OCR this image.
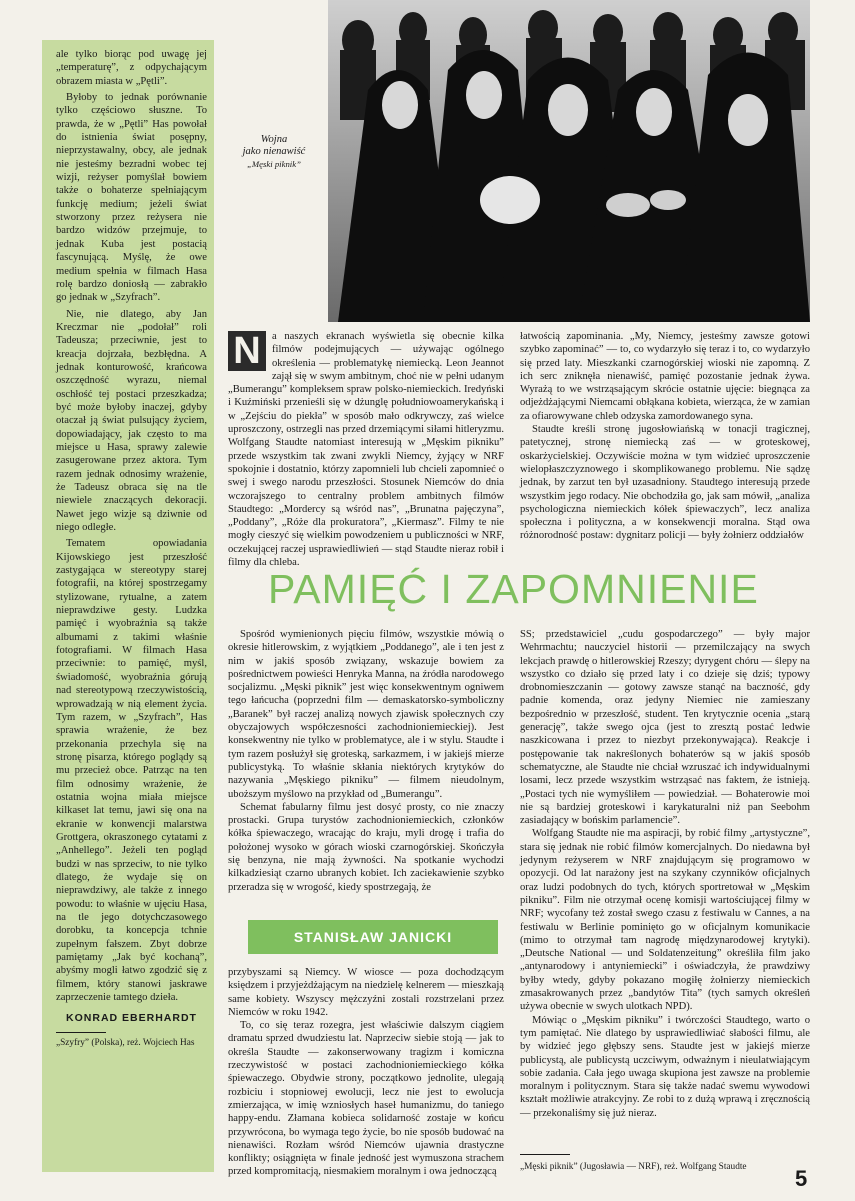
ale tylko biorąc pod uwagę jej „temperaturę”, z odpychającym obrazem miasta w „Pętli”.

Byłoby to jednak porównanie tylko częściowo słuszne. To prawda, że w „Pętli” Has powołał do istnienia świat posępny, nieprzystawalny, obcy, ale jednak nie jesteśmy bezradni wobec tej wizji, reżyser pomyślał bowiem także o bohaterze spełniającym funkcję medium; jeżeli świat stworzony przez reżysera nie bardzo widzów przejmuje, to jednak Kuba jest postacią fascynującą. Myślę, że owe medium spełnia w filmach Hasa rolę bardzo doniosłą — zabrakło go jednak w „Szyfrach”.

Nie, nie dlatego, aby Jan Kreczmar nie „podołał” roli Tadeusza; przeciwnie, jest to kreacja dojrzała, bezbłędna. A jednak konturowość, krańcowa oszczędność wyrazu, niemal oschłość tej postaci przeszkadza; być może byłoby inaczej, gdyby otaczał ją świat pulsujący życiem, dopowiadający, jak często to ma miejsce u Hasa, sprawy zalewie zasugerowane przez aktora. Tym razem jednak odnosimy wrażenie, że Tadeusz obraca się na tle niewiele znaczących dekoracji. Nawet jego wizje są dziwnie od niego odległe.

Tematem opowiadania Kijowskiego jest przeszłość zastygająca w stereotypy starej fotografii, na której spostrzegamy stylizowane, rytualne, a zatem nieprawdziwe gesty. Ludzka pamięć i wyobraźnia są także albumami z takimi właśnie fotografiami. W filmach Hasa przeciwnie: to pamięć, myśl, świadomość, wyobraźnia górują nad stereotypową rzeczywistością, wprowadzają w nią element życia. Tym razem, w „Szyfrach”, Has sprawia wrażenie, że bez przekonania przechyla się na stronę pisarza, którego poglądy są mu przecież obce. Patrząc na ten film odnosimy wrażenie, że ostatnia wojna miała miejsce kilkaset lat temu, jawi się ona na ekranie w konwencji malarstwa Grottgera, okraszonego cytatami z „Anhellego”. Jeżeli ten pogląd budzi w nas sprzeciw, to nie tylko dlatego, że wydaje się on nieprawdziwy, ale także z innego powodu: to właśnie w ujęciu Hasa, na tle jego dotychczasowego dorobku, ta koncepcja tchnie zupełnym fałszem. Zbyt dobrze pamiętamy „Jak być kochaną”, abyśmy mogli łatwo zgodzić się z filmem, który stanowi jaskrawe zaprzeczenie tamtego dzieła.

KONRAD EBERHARDT
„Szyfry” (Polska), reż. Wojciech Has
Wojna
jako nienawiść
„Męski piknik”
N	a naszych ekranach wyświetla się obecnie kilka filmów podejmujących — używając ogólnego określenia — problematykę niemiecką. Leon Jeannot zajął się w swym ambitnym, choć nie w pełni udanym „Bumerangu” kompleksem spraw polsko-niemieckich. Iredyński i Kuźmiński przenieśli się w dżunglę południowoamerykańską i w „Zejściu do piekła” w sposób mało odkrywczy, zaś wielce uproszczony, ostrzegli nas przed drzemiącymi siłami hitleryzmu. Wolfgang Staudte natomiast interesują w „Męskim pikniku” przede wszystkim tak zwani zwykli Niemcy, żyjący w NRF spokojnie i dostatnio, którzy zapomnieli lub chcieli zapomnieć o swej i swego narodu przeszłości. Stosunek Niemców do dnia wczorajszego to centralny problem ambitnych filmów Staudtego: „Mordercy są wśród nas”, „Brunatna pajęczyna”, „Poddany”, „Róże dla prokuratora”, „Kiermasz”. Filmy te nie mogły cieszyć się wielkim powodzeniem u publiczności w NRF, oczekującej raczej usprawiedliwień — stąd Staudte nieraz robił i filmy dla chleba.

łatwością zapominania. „My, Niemcy, jesteśmy zawsze gotowi szybko zapominać” — to, co wydarzyło się teraz i to, co wydarzyło się przed laty. Mieszkanki czarnogórskiej wioski nie zapomną. Z ich serc zniknęła nienawiść, pamięć pozostanie jednak żywa. Wyrażą to we wstrząsającym skrócie ostatnie ujęcie: biegnąca za odjeżdżającymi Niemcami obłąkana kobieta, wierząca, że w zamian za ofiarowywane chleb odzyska zamordowanego syna.

Staudte kreśli stronę jugosłowiańską w tonacji tragicznej, patetycznej, stronę niemiecką zaś — w groteskowej, oskarżycielskiej. Oczywiście można w tym widzieć uproszczenie wielopłaszczyznowego i skomplikowanego problemu. Nie sądzę jednak, by zarzut ten był uzasadniony. Staudtego interesują przede wszystkim jego rodacy. Nie obchodziła go, jak sam mówił, „analiza psychologiczna niemieckich kółek śpiewaczych”, lecz analiza społeczna i polityczna, a w konsekwencji moralna. Stąd owa różnorodność postaw: dygnitarz policji — były żołnierz oddziałów

PAMIĘĆ I ZAPOMNIENIE

Spośród wymienionych pięciu filmów, wszystkie mówią o okresie hitlerowskim, z wyjątkiem „Poddanego”, ale i ten jest z nim w jakiś sposób związany, wskazuje bowiem za pośrednictwem powieści Henryka Manna, na źródła narodowego socjalizmu. „Męski piknik” jest więc konsekwentnym ogniwem tego łańcucha (poprzedni film — demaskatorsko-symboliczny „Baranek” był raczej analizą nowych zjawisk społecznych czy obyczajowych współczesności zachodnioniemieckiej). Jest konsekwentny nie tylko w problematyce, ale i w stylu. Staudte i tym razem posłużył się groteską, sarkazmem, i w jakiejś mierze publicystyką. To właśnie skłania niektórych krytyków do nazywania „Męskiego pikniku” — filmem nieudolnym, uboższym myślowo na przykład od „Bumerangu”.

Schemat fabularny filmu jest dosyć prosty, co nie znaczy prostacki. Grupa turystów zachodnioniemieckich, członków kółka śpiewaczego, wracając do kraju, myli drogę i trafia do położonej wysoko w górach wioski czarnogórskiej. Skończyła się benzyna, nie mają żywności. Na spotkanie wychodzi kilkadziesiąt czarno ubranych kobiet. Ich zaciekawienie szybko przeradza się w wrogość, kiedy spostrzegają, że

STANISŁAW JANICKI

przybyszami są Niemcy. W wiosce — poza dochodzącym księdzem i przyjeżdżającym na niedzielę kelnerem — mieszkają same kobiety. Wszyscy mężczyźni zostali rozstrzelani przez Niemców w roku 1942.

To, co się teraz rozegra, jest właściwie dalszym ciągiem dramatu sprzed dwudziestu lat. Naprzeciw siebie stoją — jak to określa Staudte — zakonserwowany tragizm i komiczna rzeczywistość w postaci zachodnioniemieckiego kółka śpiewaczego. Obydwie strony, początkowo jednolite, ulegają rozbiciu i stopniowej ewolucji, lecz nie jest to ewolucja zmierzająca, w imię wzniosłych haseł humanizmu, do taniego happy-endu. Złamana kobieca solidarność zostaje w końcu przywrócona, bo wymaga tego życie, bo nie sposób budować na nienawiści. Rozłam wśród Niemców ujawnia drastyczne konflikty; osiągnięta w finale jedność jest wymuszona strachem przed kompromitacją, niesmakiem moralnym i owa jednoczącą

SS; przedstawiciel „cudu gospodarczego” — były major Wehrmachtu; nauczyciel historii — przemilczający na swych lekcjach prawdę o hitlerowskiej Rzeszy; dyrygent chóru — ślepy na wszystko co działo się przed laty i co dzieje się dziś; typowy drobnomieszczanin — gotowy zawsze stanąć na baczność, gdy padnie komenda, oraz jedyny Niemiec nie zamieszany bezpośrednio w przeszłość, student. Ten krytycznie ocenia „starą generację”, także swego ojca (jest to zresztą postać ledwie naszkicowana i przez to niezbyt przekonywająca). Reakcje i postępowanie tak nakreślonych bohaterów są w jakiś sposób schematyczne, ale Staudte nie chciał wzruszać ich indywidualnymi losami, lecz przede wszystkim wstrząsać nas faktem, że istnieją. „Postaci tych nie wymyśliłem — powiedział. — Bohaterowie moi nie są bardziej groteskowi i karykaturalni niż pan Seebohm zasiadający w bońskim parlamencie”.

Wolfgang Staudte nie ma aspiracji, by robić filmy „artystyczne”, stara się jednak nie robić filmów komercjalnych. Do niedawna był jedynym reżyserem w NRF znajdującym się programowo w opozycji. Od lat narażony jest na szykany czynników oficjalnych oraz ludzi podobnych do tych, których sportretował w „Męskim pikniku”. Film nie otrzymał ocenę komisji wartościującej filmy w NRF; wycofany też został swego czasu z festiwalu w Cannes, a na festiwalu w Berlinie pominięto go w oficjalnym komunikacie (mimo to otrzymał tam nagrodę międzynarodowej krytyki). „Deutsche National — und Soldatenzeitung” określiła film jako „antynarodowy i antyniemiecki” i oświadczyła, że prawdziwy byłby wtedy, gdyby pokazano mogiłę żołnierzy niemieckich zmasakrowanych przez „bandytów Tita” (tych samych określeń używa obecnie w swych ulotkach NPD).

Mówiąc o „Męskim pikniku” i twórczości Staudtego, warto o tym pamiętać. Nie dlatego by usprawiedliwiać słabości filmu, ale by widzieć jego głębszy sens. Staudte jest w jakiejś mierze publicystą, ale publicystą uczciwym, odważnym i nieulatwiającym sobie zadania. Cała jego uwaga skupiona jest zawsze na problemie moralnym i politycznym. Stara się także nadać swemu wywodowi kształt możliwie atrakcyjny. Ze robi to z dużą wprawą i zręcznością — przekonaliśmy się już nieraz.

„Męski piknik” (Jugosławia — NRF), reż. Wolfgang Staudte	5
